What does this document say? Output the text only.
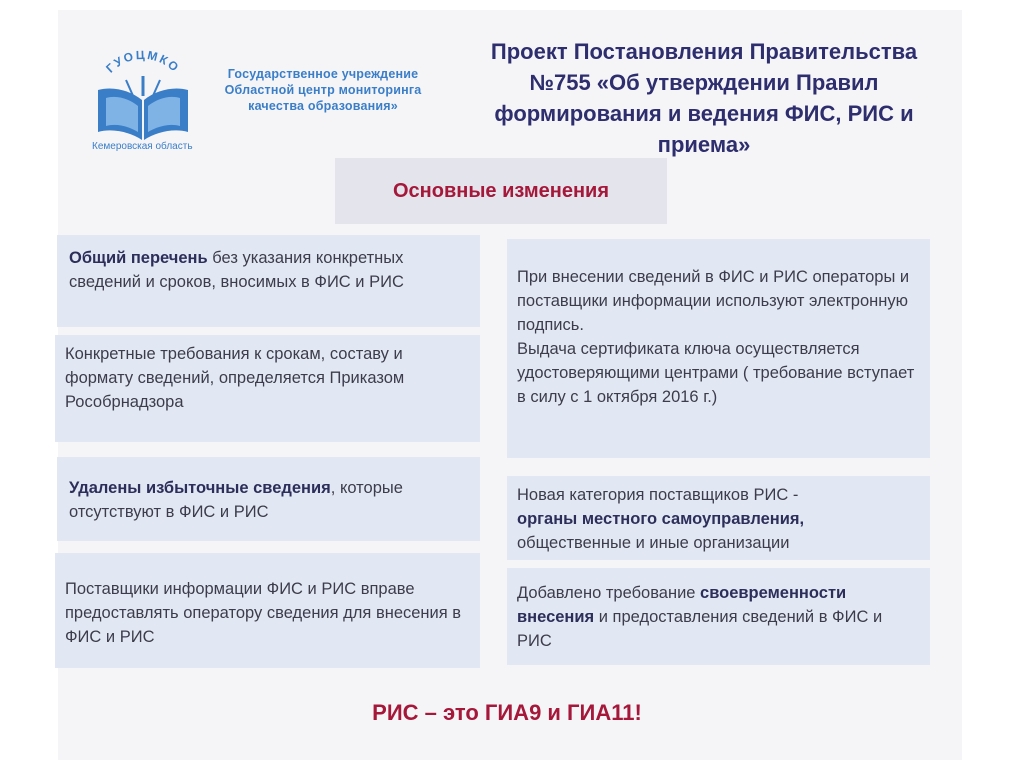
ГУОЦМКО	Государственное учреждение
Областной центр мониторинга
качества образования»
Кемеровская область
Проект Постановления Правительства
№755 «Об утверждении Правил
формирования и ведения ФИС, РИС и
приема»
Основные изменения
Общий перечень без указания конкретных сведений и сроков, вносимых в ФИС и РИС
Конкретные требования к срокам, составу и формату сведений, определяется Приказом Рособрнадзора
Удалены избыточные сведения, которые отсутствуют в ФИС и РИС
Поставщики информации ФИС и РИС вправе предоставлять оператору сведения для внесения в ФИС и РИС
При внесении сведений в ФИС и РИС операторы и поставщики информации используют электронную подпись.
Выдача сертификата ключа осуществляется удостоверяющими центрами ( требование вступает в силу с 1 октября 2016 г.)
Новая категория поставщиков РИС -
органы местного самоуправления,
общественные и иные организации
Добавлено требование своевременности внесения и предоставления сведений в ФИС и РИС
РИС – это ГИА9 и ГИА11!
